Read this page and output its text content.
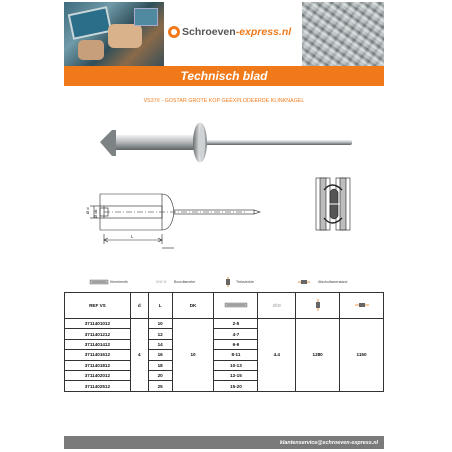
Schroeven-express.nl
Technisch blad
VS37/I - GOSTAR GROTE KOP GEËXPLODEERDE KLINKNAGEL
Ø d Ø dk
L
Klembereik	Ø/Ø Ø Boordiameter	Treksterkte	Afschuifweerstand
REF VS	d	L	DK		Ø/Ø		
3711401012	4	10	10	2-5	4.4	1280	1150
3711401212		12		4-7			
3711401412		14		6-9			
3711401612		16		8-11			
3711401812		18		10-13			
3711402012		20		12-15			
3711402512		25		15-20			
klantenservice@schroeven-express.nl
